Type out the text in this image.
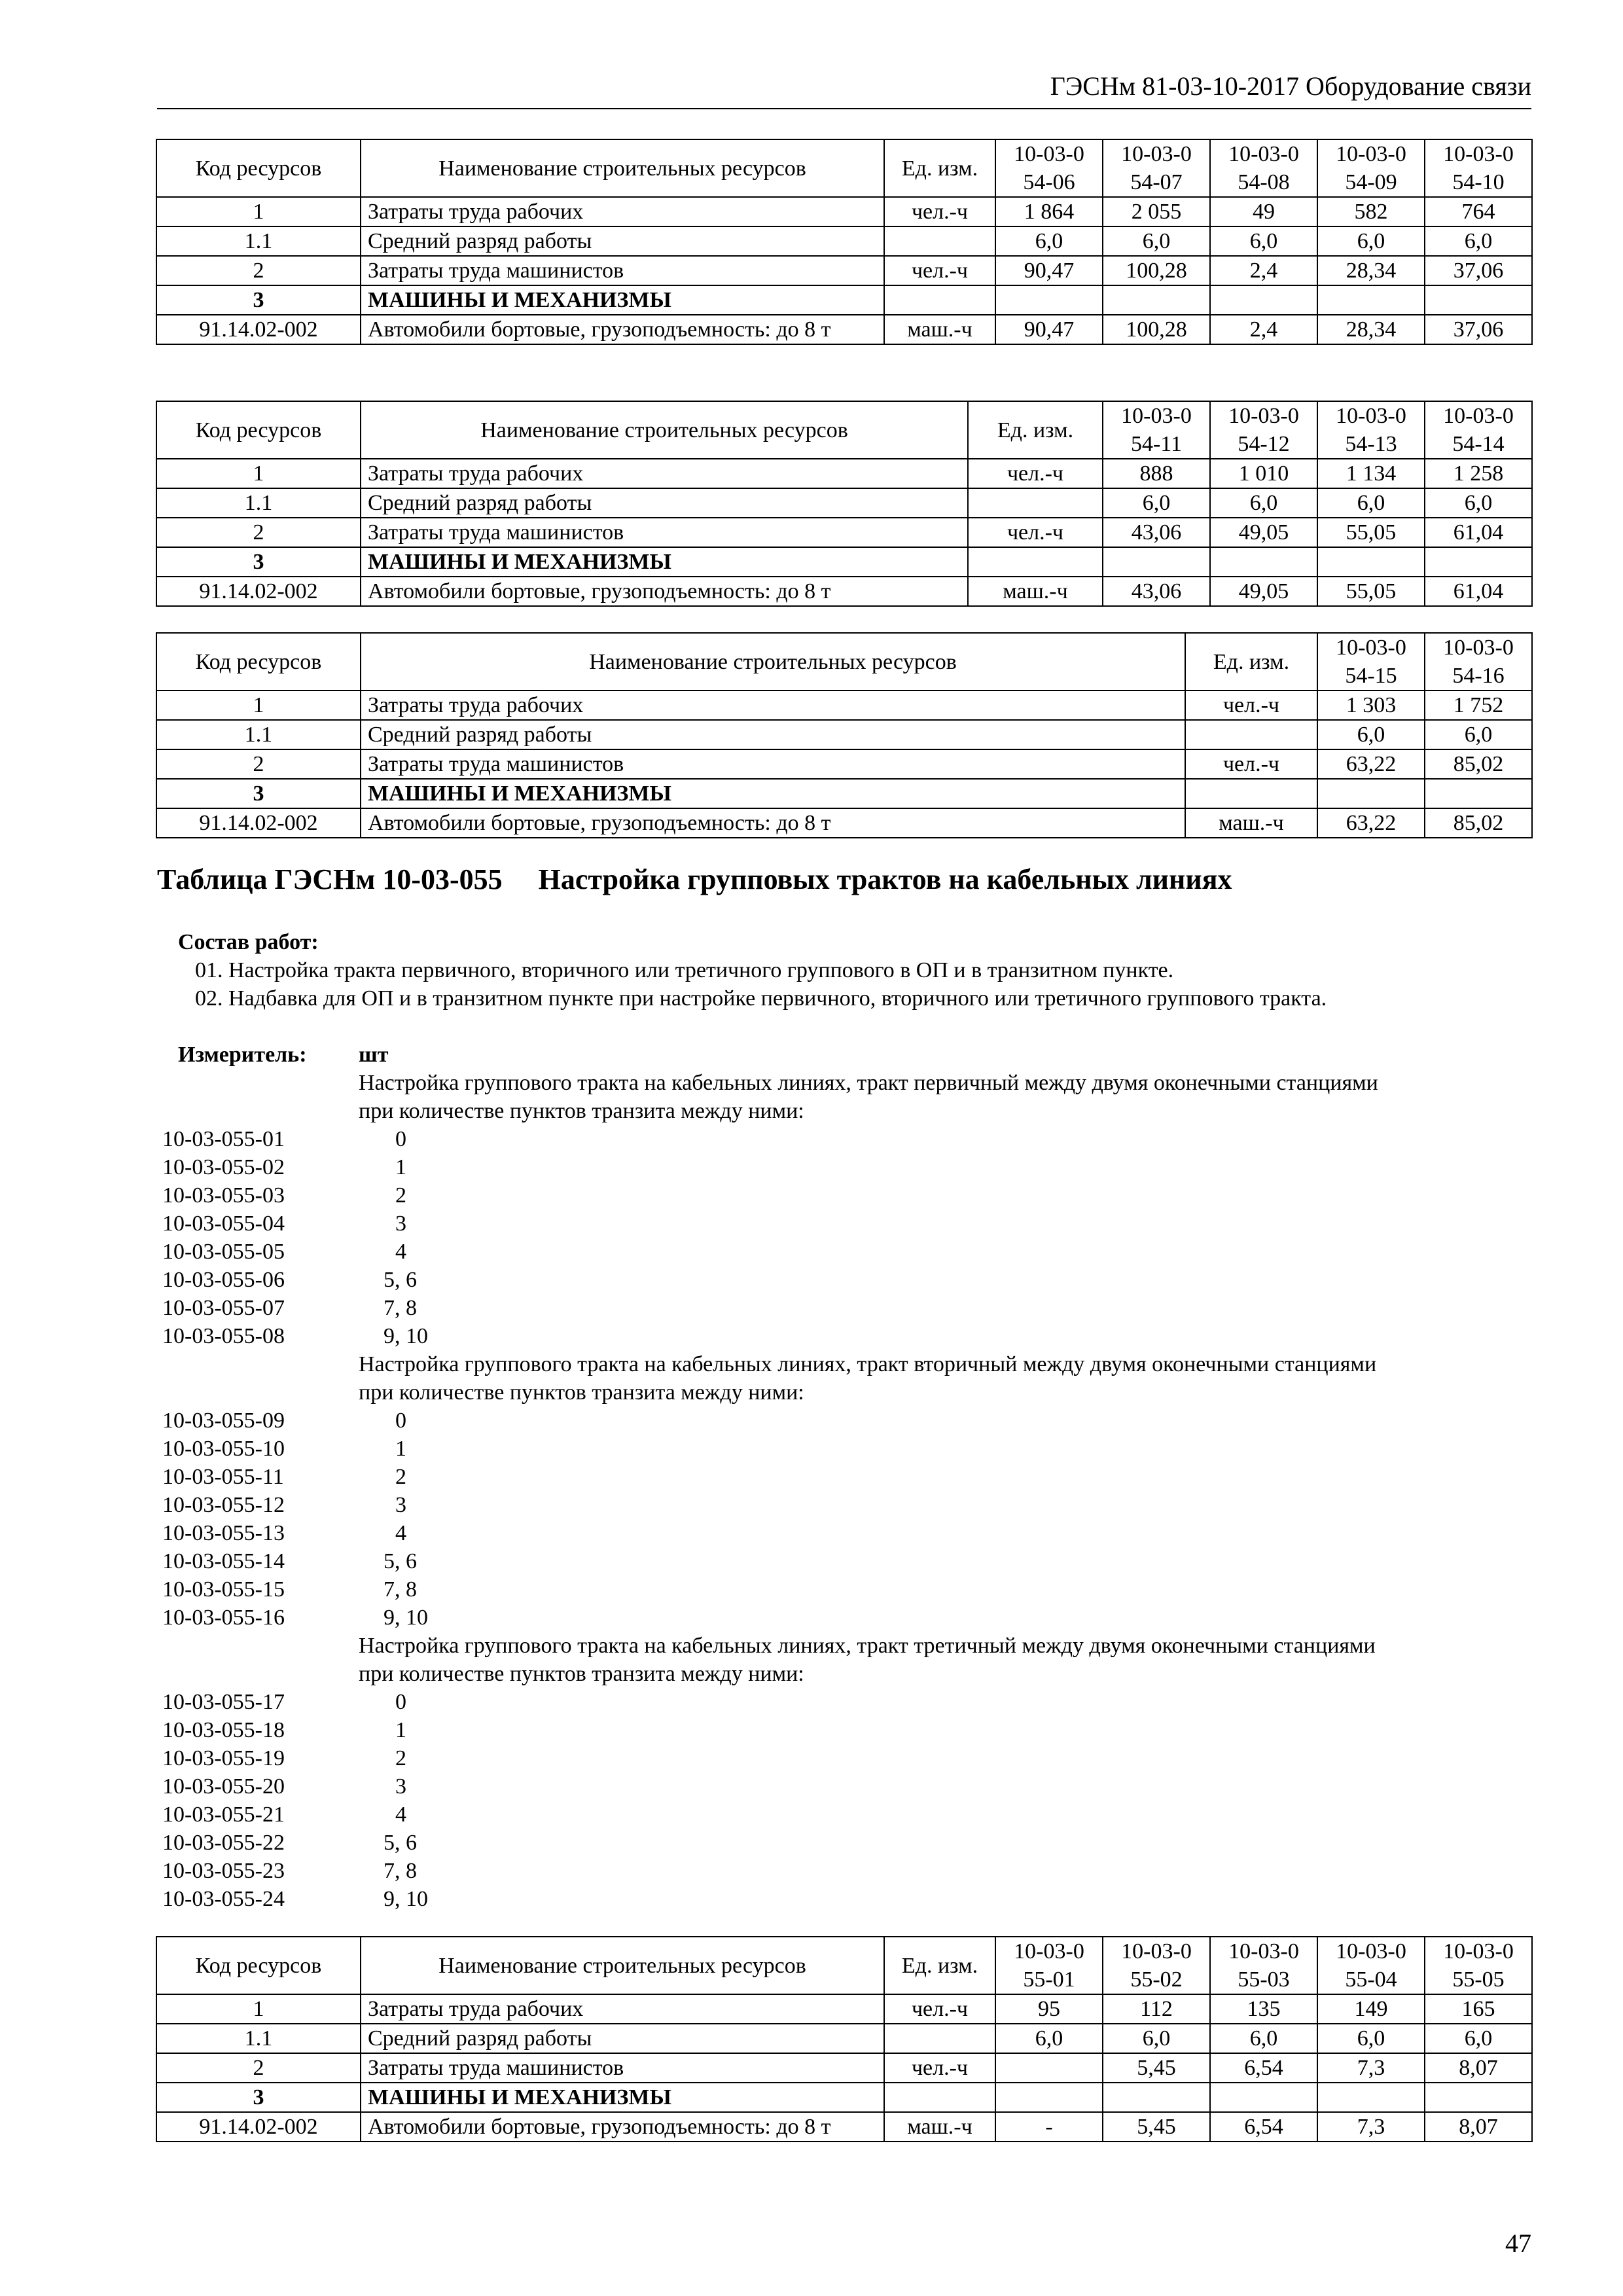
ГЭСНм 81-03-10-2017 Оборудование связи
Код ресурсов	Наименование строительных ресурсов	Ед. изм.	10-03-054-06	10-03-054-07	10-03-054-08	10-03-054-09	10-03-054-10
1	Затраты труда рабочих	чел.-ч	1 864	2 055	49	582	764
1.1	Средний разряд работы		6,0	6,0	6,0	6,0	6,0
2	Затраты труда машинистов	чел.-ч	90,47	100,28	2,4	28,34	37,06
3	МАШИНЫ И МЕХАНИЗМЫ						
91.14.02-002	Автомобили бортовые, грузоподъемность: до 8 т	маш.-ч	90,47	100,28	2,4	28,34	37,06
Код ресурсов	Наименование строительных ресурсов	Ед. изм.	10-03-054-11	10-03-054-12	10-03-054-13	10-03-054-14
1	Затраты труда рабочих	чел.-ч	888	1 010	1 134	1 258
1.1	Средний разряд работы		6,0	6,0	6,0	6,0
2	Затраты труда машинистов	чел.-ч	43,06	49,05	55,05	61,04
3	МАШИНЫ И МЕХАНИЗМЫ					
91.14.02-002	Автомобили бортовые, грузоподъемность: до 8 т	маш.-ч	43,06	49,05	55,05	61,04
Код ресурсов	Наименование строительных ресурсов	Ед. изм.	10-03-054-15	10-03-054-16
1	Затраты труда рабочих	чел.-ч	1 303	1 752
1.1	Средний разряд работы		6,0	6,0
2	Затраты труда машинистов	чел.-ч	63,22	85,02
3	МАШИНЫ И МЕХАНИЗМЫ			
91.14.02-002	Автомобили бортовые, грузоподъемность: до 8 т	маш.-ч	63,22	85,02
Таблица ГЭСНм 10-03-055     Настройка групповых трактов на кабельных линиях
Состав работ:
01. Настройка тракта первичного, вторичного или третичного группового в ОП и в транзитном пункте.
02. Надбавка для ОП и в транзитном пункте при настройке первичного, вторичного или третичного группового тракта.
Измеритель: шт
Настройка группового тракта на кабельных линиях, тракт первичный между двумя оконечными станциями
при количестве пунктов транзита между ними:
10-03-055-01	0
10-03-055-02	1
10-03-055-03	2
10-03-055-04	3
10-03-055-05	4
10-03-055-06	5, 6
10-03-055-07	7, 8
10-03-055-08	9, 10
Настройка группового тракта на кабельных линиях, тракт вторичный между двумя оконечными станциями
при количестве пунктов транзита между ними:
10-03-055-09	0
10-03-055-10	1
10-03-055-11	2
10-03-055-12	3
10-03-055-13	4
10-03-055-14	5, 6
10-03-055-15	7, 8
10-03-055-16	9, 10
Настройка группового тракта на кабельных линиях, тракт третичный между двумя оконечными станциями
при количестве пунктов транзита между ними:
10-03-055-17	0
10-03-055-18	1
10-03-055-19	2
10-03-055-20	3
10-03-055-21	4
10-03-055-22	5, 6
10-03-055-23	7, 8
10-03-055-24	9, 10
Код ресурсов	Наименование строительных ресурсов	Ед. изм.	10-03-055-01	10-03-055-02	10-03-055-03	10-03-055-04	10-03-055-05
1	Затраты труда рабочих	чел.-ч	95	112	135	149	165
1.1	Средний разряд работы		6,0	6,0	6,0	6,0	6,0
2	Затраты труда машинистов	чел.-ч		5,45	6,54	7,3	8,07
3	МАШИНЫ И МЕХАНИЗМЫ						
91.14.02-002	Автомобили бортовые, грузоподъемность: до 8 т	маш.-ч	-	5,45	6,54	7,3	8,07
47
